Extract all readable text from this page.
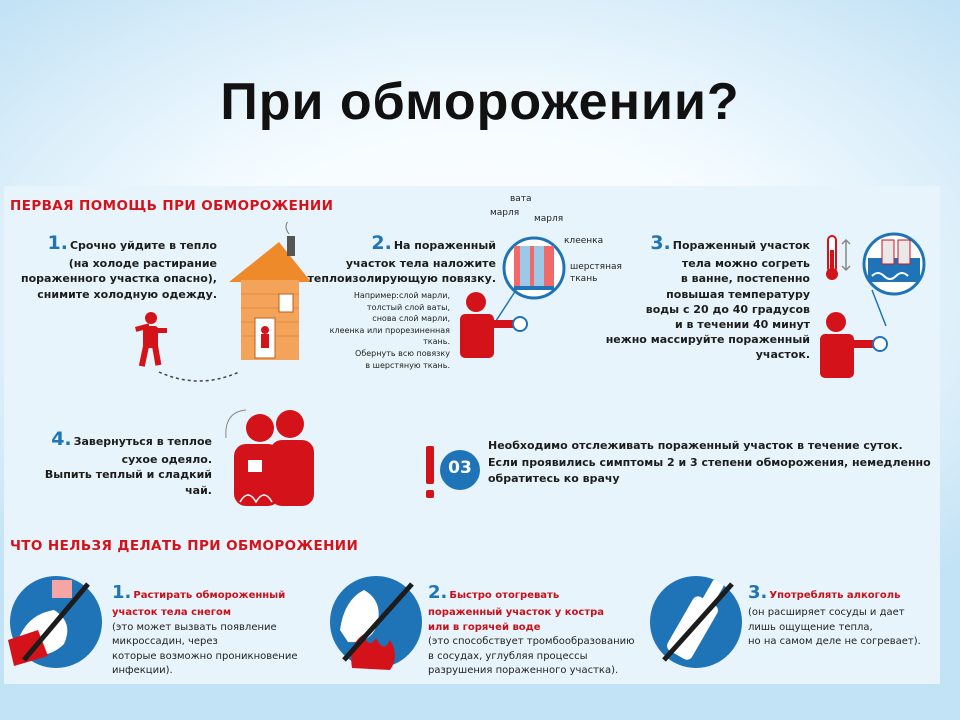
При обморожении?
ПЕРВАЯ ПОМОЩЬ ПРИ ОБМОРОЖЕНИИ
1. Срочно уйдите в тепло
(на холоде растирание
пораженного участка опасно),
снимите холодную одежду.
2. На пораженный
участок тела наложите
теплоизолирующую повязку.
Например:слой марли,
толстый слой ваты,
снова слой марли,
клеенка или прорезиненная
ткань.
Обернуть всю повязку
в шерстяную ткань.
вата
марля
марля
клеенка
шерстяная
ткань
3. Пораженный участок
тела можно согреть
в ванне, постепенно
повышая температуру
воды с 20 до 40 градусов
и в течении 40 минут
нежно массируйте пораженный
участок.
4. Завернуться в теплое
сухое одеяло.
Выпить теплый и сладкий
чай.
03
Необходимо отслеживать пораженный участок в течение суток.
Если проявились симптомы 2 и 3 степени обморожения, немедленно
обратитесь ко врачу
ЧТО НЕЛЬЗЯ ДЕЛАТЬ ПРИ ОБМОРОЖЕНИИ
1. Растирать обмороженный
участок тела снегом
(это может вызвать появление
микроссадин, через
которые возможно проникновение
инфекции).
2. Быстро отогревать
пораженный участок у костра
или в горячей воде
(это способствует тромбообразованию
в сосудах, углубляя процессы
разрушения пораженного участка).
3. Употреблять алкоголь
(он расширяет сосуды и дает
лишь ощущение тепла,
но на самом деле не согревает).
